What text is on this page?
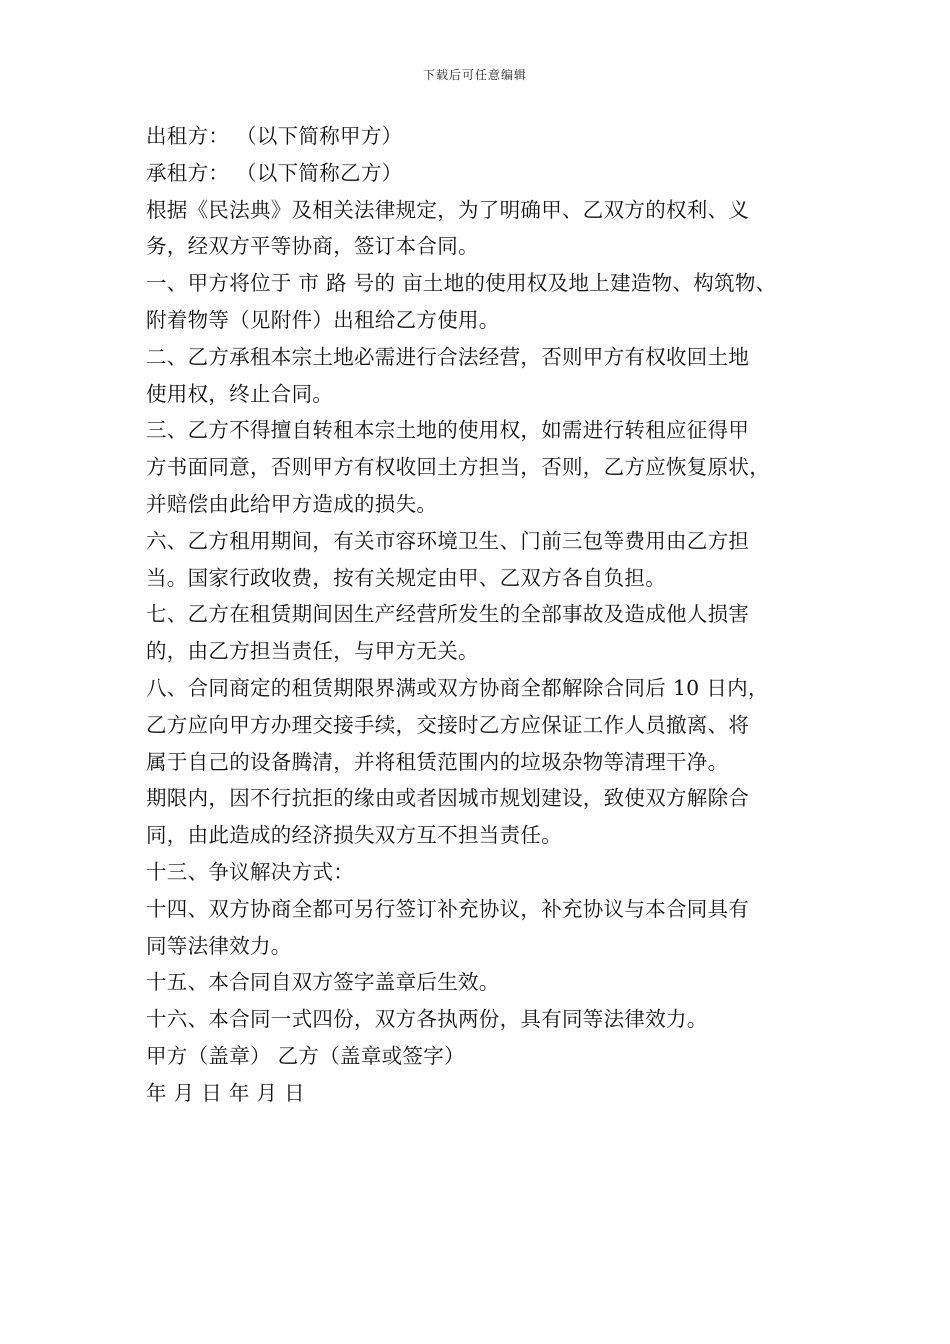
下载后可任意编辑
出租方： （以下简称甲方）
承租方： （以下简称乙方）
根据《民法典》及相关法律规定，为了明确甲、乙双方的权利、义
务，经双方平等协商，签订本合同。
一、甲方将位于 市 路 号的 亩土地的使用权及地上建造物、构筑物、
附着物等（见附件）出租给乙方使用。
二、乙方承租本宗土地必需进行合法经营，否则甲方有权收回土地
使用权，终止合同。
三、乙方不得擅自转租本宗土地的使用权，如需进行转租应征得甲
方书面同意，否则甲方有权收回土方担当，否则，乙方应恢复原状，
并赔偿由此给甲方造成的损失。
六、乙方租用期间，有关市容环境卫生、门前三包等费用由乙方担
当。国家行政收费，按有关规定由甲、乙双方各自负担。
七、乙方在租赁期间因生产经营所发生的全部事故及造成他人损害
的，由乙方担当责任，与甲方无关。
八、合同商定的租赁期限界满或双方协商全都解除合同后 10 日内，
乙方应向甲方办理交接手续，交接时乙方应保证工作人员撤离、将
属于自己的设备腾清，并将租赁范围内的垃圾杂物等清理干净。
期限内，因不行抗拒的缘由或者因城市规划建设，致使双方解除合
同，由此造成的经济损失双方互不担当责任。
十三、争议解决方式：
十四、双方协商全都可另行签订补充协议，补充协议与本合同具有
同等法律效力。
十五、本合同自双方签字盖章后生效。
十六、本合同一式四份，双方各执两份，具有同等法律效力。
甲方（盖章） 乙方（盖章或签字）
年 月 日 年 月 日
